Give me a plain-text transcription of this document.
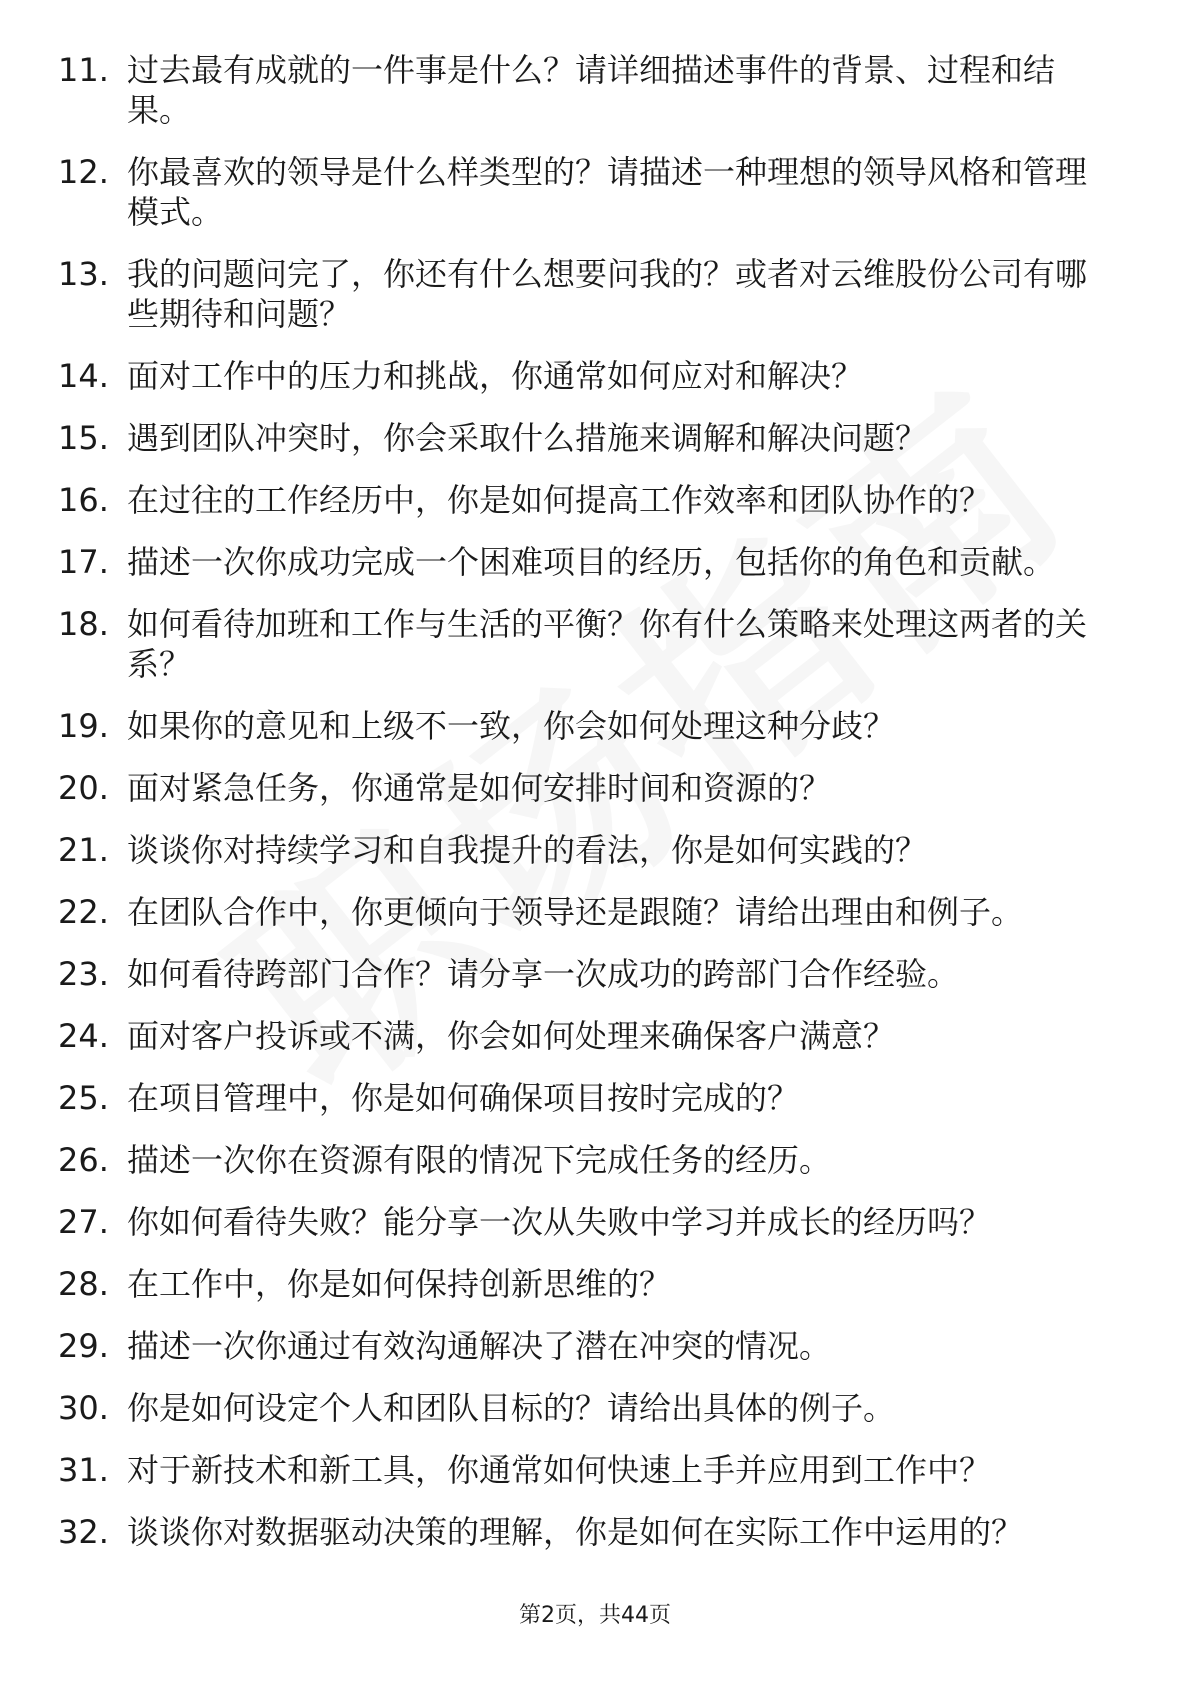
11. 过去最有成就的一件事是什么？请详细描述事件的背景、过程和结果。
12. 你最喜欢的领导是什么样类型的？请描述一种理想的领导风格和管理模式。
13. 我的问题问完了，你还有什么想要问我的？或者对云维股份公司有哪些期待和问题？
14. 面对工作中的压力和挑战，你通常如何应对和解决？
15. 遇到团队冲突时，你会采取什么措施来调解和解决问题？
16. 在过往的工作经历中，你是如何提高工作效率和团队协作的？
17. 描述一次你成功完成一个困难项目的经历，包括你的角色和贡献。
18. 如何看待加班和工作与生活的平衡？你有什么策略来处理这两者的关系？
19. 如果你的意见和上级不一致，你会如何处理这种分歧？
20. 面对紧急任务，你通常是如何安排时间和资源的？
21. 谈谈你对持续学习和自我提升的看法，你是如何实践的？
22. 在团队合作中，你更倾向于领导还是跟随？请给出理由和例子。
23. 如何看待跨部门合作？请分享一次成功的跨部门合作经验。
24. 面对客户投诉或不满，你会如何处理来确保客户满意？
25. 在项目管理中，你是如何确保项目按时完成的？
26. 描述一次你在资源有限的情况下完成任务的经历。
27. 你如何看待失败？能分享一次从失败中学习并成长的经历吗？
28. 在工作中，你是如何保持创新思维的？
29. 描述一次你通过有效沟通解决了潜在冲突的情况。
30. 你是如何设定个人和团队目标的？请给出具体的例子。
31. 对于新技术和新工具，你通常如何快速上手并应用到工作中？
32. 谈谈你对数据驱动决策的理解，你是如何在实际工作中运用的？
第2页，共44页
